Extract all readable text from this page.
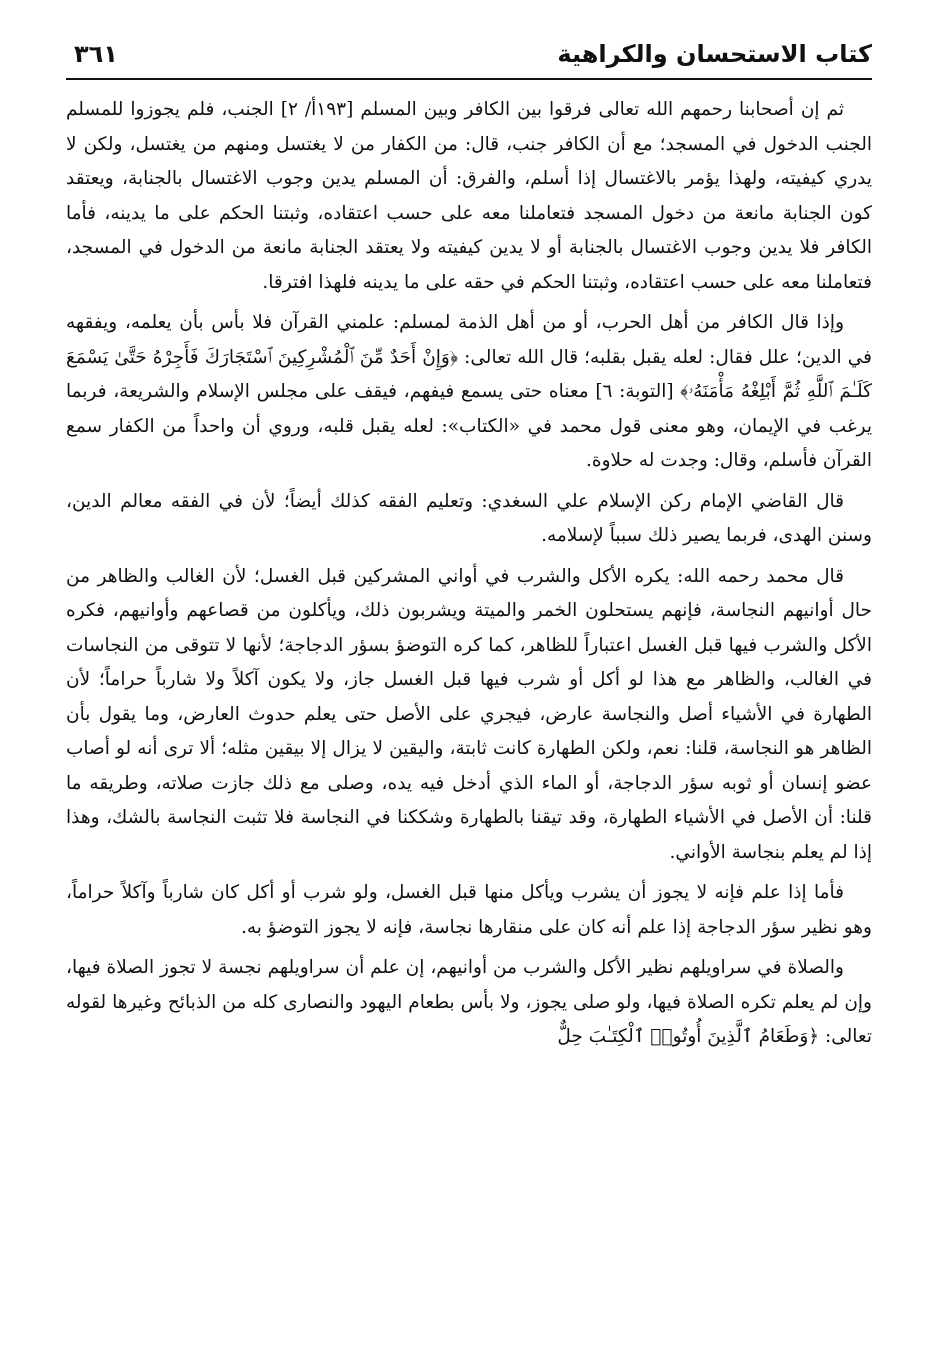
كتاب الاستحسان والكراهية
٣٦١

ثم إن أصحابنا رحمهم الله تعالى فرقوا بين الكافر وبين المسلم [١٩٣أ/ ٢] الجنب، فلم يجوزوا للمسلم الجنب الدخول في المسجد؛ مع أن الكافر جنب، قال: من الكفار من لا يغتسل ومنهم من يغتسل، ولكن لا يدري كيفيته، ولهذا يؤمر بالاغتسال إذا أسلم، والفرق: أن المسلم يدين وجوب الاغتسال بالجنابة، ويعتقد كون الجنابة مانعة من دخول المسجد فتعاملنا معه على حسب اعتقاده، وثبتنا الحكم على ما يدينه، فأما الكافر فلا يدين وجوب الاغتسال بالجنابة أو لا يدين كيفيته ولا يعتقد الجنابة مانعة من الدخول في المسجد، فتعاملنا معه على حسب اعتقاده، وثبتنا الحكم في حقه على ما يدينه فلهذا افترقا.

وإذا قال الكافر من أهل الحرب، أو من أهل الذمة لمسلم: علمني القرآن فلا بأس بأن يعلمه، ويفقهه في الدين؛ علل فقال: لعله يقبل بقلبه؛ قال الله تعالى: ﴿وَإِنْ أَحَدٌ مِّنَ ٱلْمُشْرِكِينَ ٱسْتَجَارَكَ فَأَجِرْهُ حَتَّىٰ يَسْمَعَ كَلَـٰمَ ٱللَّهِ ثُمَّ أَبْلِغْهُ مَأْمَنَهُۥ﴾ [التوبة: ٦] معناه حتى يسمع فيفهم، فيقف على مجلس الإسلام والشريعة، فربما يرغب في الإيمان، وهو معنى قول محمد في «الكتاب»: لعله يقبل قلبه، وروي أن واحداً من الكفار سمع القرآن فأسلم، وقال: وجدت له حلاوة.

قال القاضي الإمام ركن الإسلام علي السغدي: وتعليم الفقه كذلك أيضاً؛ لأن في الفقه معالم الدين، وسنن الهدى، فربما يصير ذلك سبباً لإسلامه.

قال محمد رحمه الله: يكره الأكل والشرب في أواني المشركين قبل الغسل؛ لأن الغالب والظاهر من حال أوانيهم النجاسة، فإنهم يستحلون الخمر والميتة ويشربون ذلك، ويأكلون من قصاعهم وأوانيهم، فكره الأكل والشرب فيها قبل الغسل اعتباراً للظاهر، كما كره التوضؤ بسؤر الدجاجة؛ لأنها لا تتوقى من النجاسات في الغالب، والظاهر مع هذا لو أكل أو شرب فيها قبل الغسل جاز، ولا يكون آكلاً ولا شارباً حراماً؛ لأن الطهارة في الأشياء أصل والنجاسة عارض، فيجري على الأصل حتى يعلم حدوث العارض، وما يقول بأن الظاهر هو النجاسة، قلنا: نعم، ولكن الطهارة كانت ثابتة، واليقين لا يزال إلا بيقين مثله؛ ألا ترى أنه لو أصاب عضو إنسان أو ثوبه سؤر الدجاجة، أو الماء الذي أدخل فيه يده، وصلى مع ذلك جازت صلاته، وطريقه ما قلنا: أن الأصل في الأشياء الطهارة، وقد تيقنا بالطهارة وشككنا في النجاسة فلا تثبت النجاسة بالشك، وهذا إذا لم يعلم بنجاسة الأواني.

فأما إذا علم فإنه لا يجوز أن يشرب ويأكل منها قبل الغسل، ولو شرب أو أكل كان شارباً وآكلاً حراماً، وهو نظير سؤر الدجاجة إذا علم أنه كان على منقارها نجاسة، فإنه لا يجوز التوضؤ به.

والصلاة في سراويلهم نظير الأكل والشرب من أوانيهم، إن علم أن سراويلهم نجسة لا تجوز الصلاة فيها، وإن لم يعلم تكره الصلاة فيها، ولو صلى يجوز، ولا بأس بطعام اليهود والنصارى كله من الذبائح وغيرها لقوله تعالى: ﴿وَطَعَامُ ٱلَّذِينَ أُوتُوا۟ ٱلْكِتَـٰبَ حِلٌّ
